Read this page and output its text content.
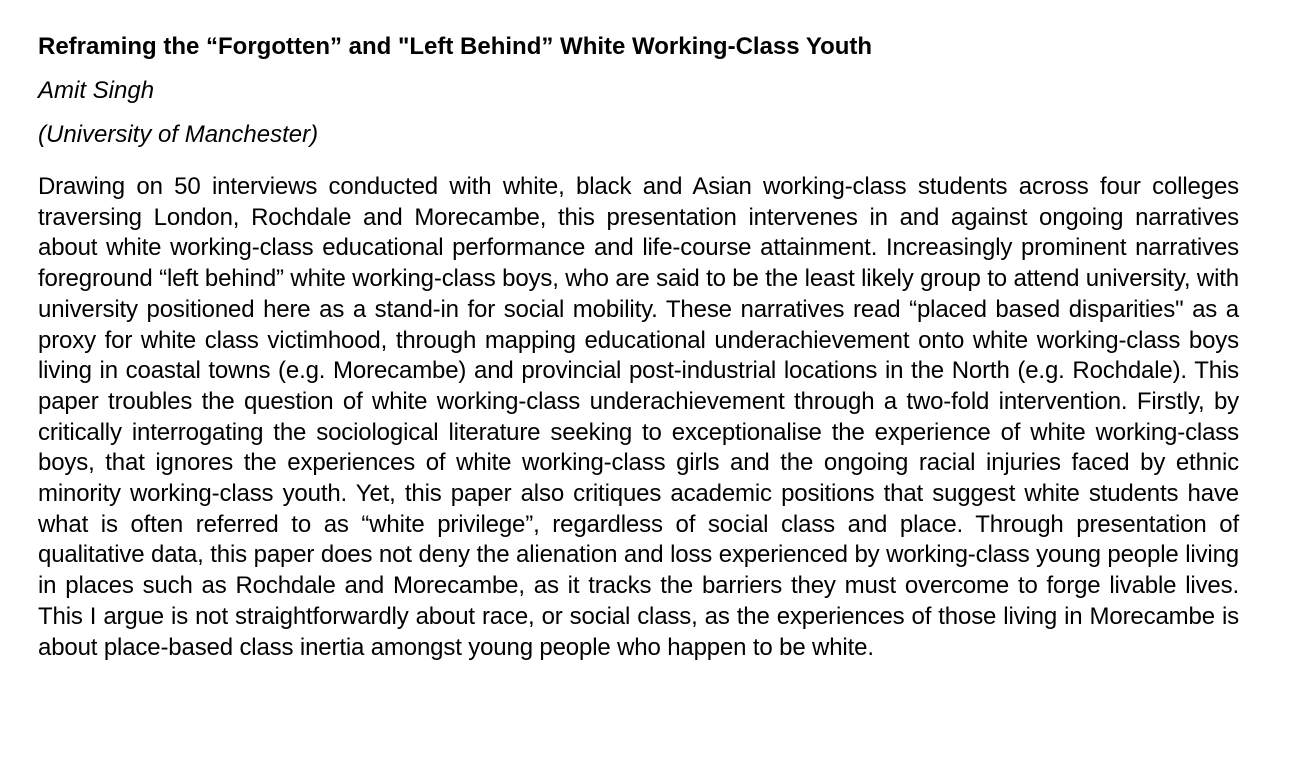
Reframing the “Forgotten” and "Left Behind” White Working-Class Youth

Amit Singh

(University of Manchester)

Drawing on 50 interviews conducted with white, black and Asian working-class students across four colleges traversing London, Rochdale and Morecambe, this presentation intervenes in and against ongoing narratives about white working-class educational performance and life-course attainment. Increasingly prominent narratives foreground “left behind” white working-class boys, who are said to be the least likely group to attend university, with university positioned here as a stand-in for social mobility. These narratives read “placed based disparities" as a proxy for white class victimhood, through mapping educational underachievement onto white working-class boys living in coastal towns (e.g. Morecambe) and provincial post-industrial locations in the North (e.g. Rochdale). This paper troubles the question of white working-class underachievement through a two-fold intervention. Firstly, by critically interrogating the sociological literature seeking to exceptionalise the experience of white working-class boys, that ignores the experiences of white working-class girls and the ongoing racial injuries faced by ethnic minority working-class youth. Yet, this paper also critiques academic positions that suggest white students have what is often referred to as “white privilege”, regardless of social class and place. Through presentation of qualitative data, this paper does not deny the alienation and loss experienced by working-class young people living in places such as Rochdale and Morecambe, as it tracks the barriers they must overcome to forge livable lives. This I argue is not straightforwardly about race, or social class, as the experiences of those living in Morecambe is about place-based class inertia amongst young people who happen to be white.
